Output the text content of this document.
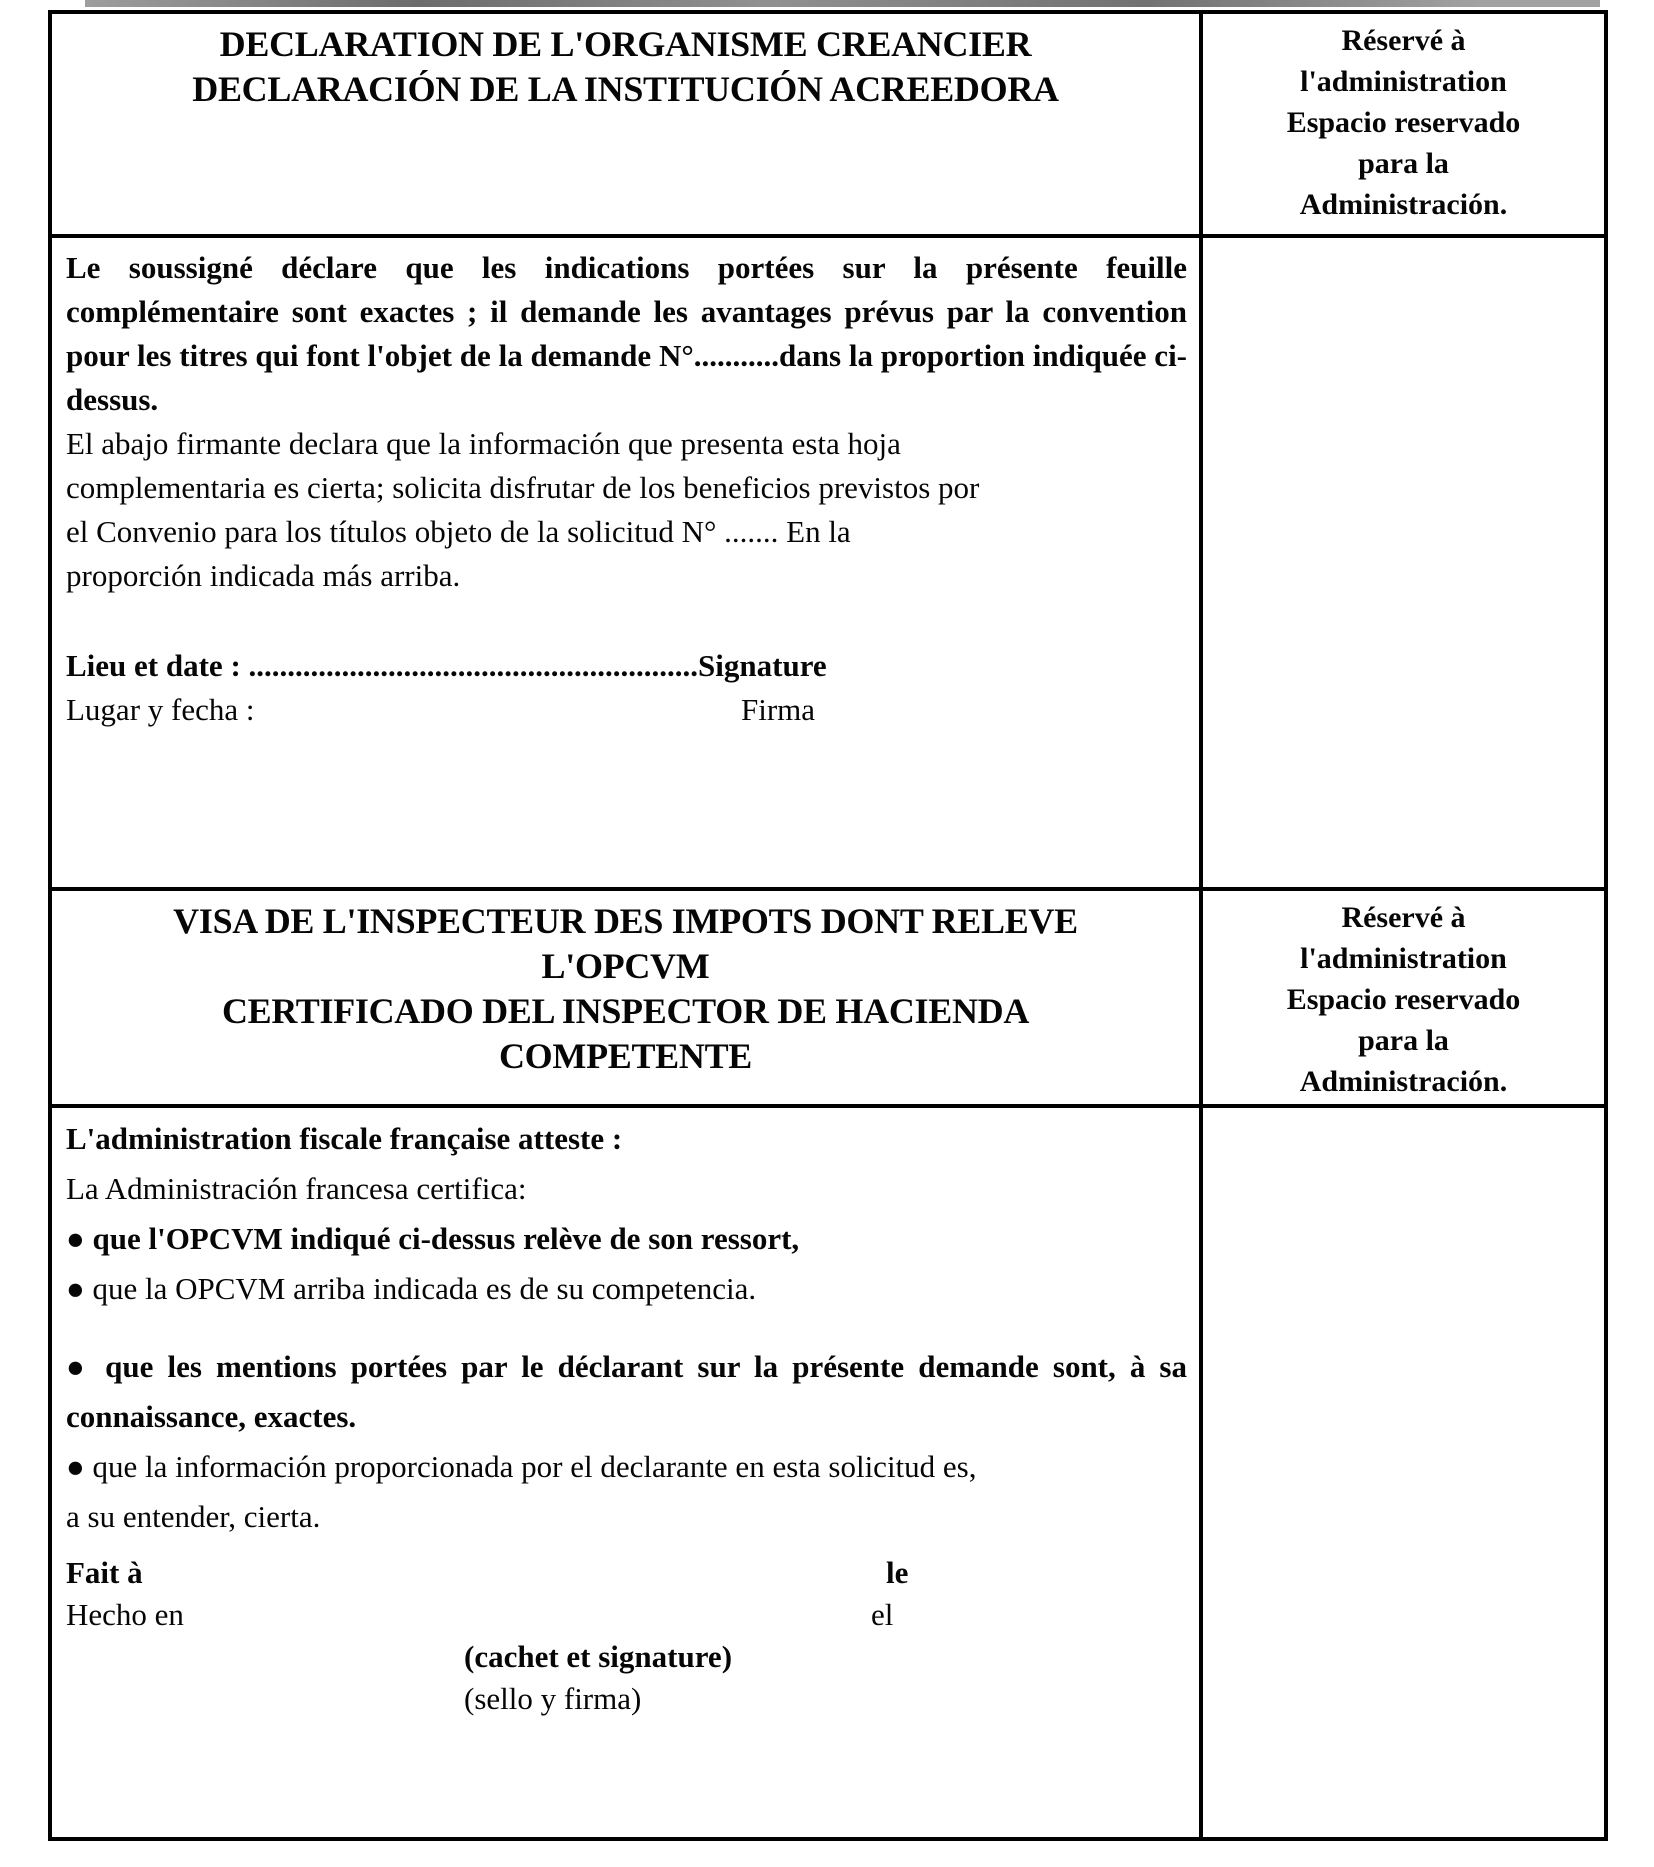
DECLARATION DE L'ORGANISME CREANCIER
DECLARACIÓN DE LA INSTITUCIÓN ACREEDORA
Réservé à
l'administration
Espacio reservado
para la
Administración.
Le soussigné déclare que les indications portées sur la présente feuille complémentaire sont exactes ; il demande les avantages prévus par la convention pour les titres qui font l'objet de la demande N°...........dans la proportion indiquée ci-dessus.
El abajo firmante declara que la información que presenta esta hoja
complementaria es cierta; solicita disfrutar de los beneficios previstos por
el Convenio para los títulos objeto de la solicitud N° ....... En la
proporción indicada más arriba.
Lieu et date : ..........................................................Signature
Lugar y fecha :	Firma
VISA DE L'INSPECTEUR DES IMPOTS DONT RELEVE
L'OPCVM
CERTIFICADO DEL INSPECTOR DE HACIENDA
COMPETENTE
Réservé à
l'administration
Espacio reservado
para la
Administración.
L'administration fiscale française atteste :
La Administración francesa certifica:
● que l'OPCVM indiqué ci-dessus relève de son ressort,
● que la OPCVM arriba indicada es de su competencia.
● que les mentions portées par le déclarant sur la présente demande sont, à sa connaissance, exactes.
● que la información proporcionada por el declarante en esta solicitud es,
a su entender, cierta.
Fait à	le
Hecho en	el
(cachet et signature)
(sello y firma)
